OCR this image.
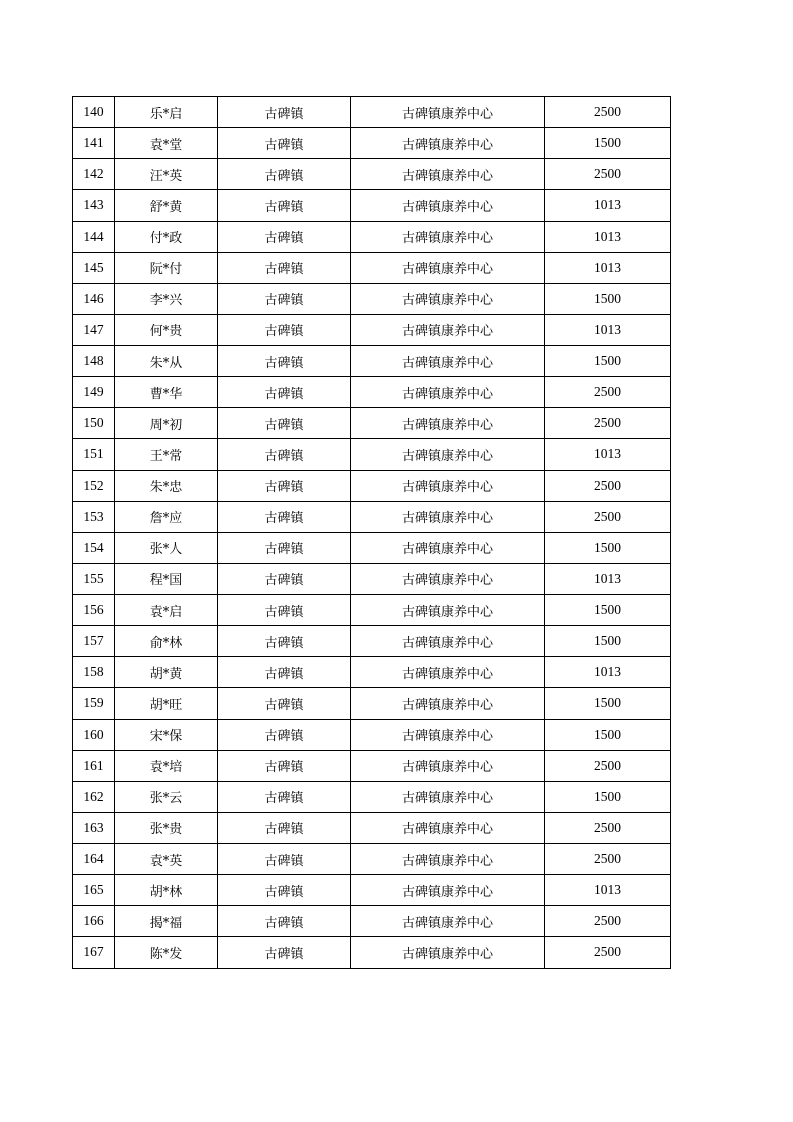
140	乐*启	古碑镇	古碑镇康养中心	2500
141	袁*堂	古碑镇	古碑镇康养中心	1500
142	汪*英	古碑镇	古碑镇康养中心	2500
143	舒*黄	古碑镇	古碑镇康养中心	1013
144	付*政	古碑镇	古碑镇康养中心	1013
145	阮*付	古碑镇	古碑镇康养中心	1013
146	李*兴	古碑镇	古碑镇康养中心	1500
147	何*贵	古碑镇	古碑镇康养中心	1013
148	朱*从	古碑镇	古碑镇康养中心	1500
149	曹*华	古碑镇	古碑镇康养中心	2500
150	周*初	古碑镇	古碑镇康养中心	2500
151	王*常	古碑镇	古碑镇康养中心	1013
152	朱*忠	古碑镇	古碑镇康养中心	2500
153	詹*应	古碑镇	古碑镇康养中心	2500
154	张*人	古碑镇	古碑镇康养中心	1500
155	程*国	古碑镇	古碑镇康养中心	1013
156	袁*启	古碑镇	古碑镇康养中心	1500
157	俞*林	古碑镇	古碑镇康养中心	1500
158	胡*黄	古碑镇	古碑镇康养中心	1013
159	胡*旺	古碑镇	古碑镇康养中心	1500
160	宋*保	古碑镇	古碑镇康养中心	1500
161	袁*培	古碑镇	古碑镇康养中心	2500
162	张*云	古碑镇	古碑镇康养中心	1500
163	张*贵	古碑镇	古碑镇康养中心	2500
164	袁*英	古碑镇	古碑镇康养中心	2500
165	胡*林	古碑镇	古碑镇康养中心	1013
166	揭*福	古碑镇	古碑镇康养中心	2500
167	陈*发	古碑镇	古碑镇康养中心	2500
